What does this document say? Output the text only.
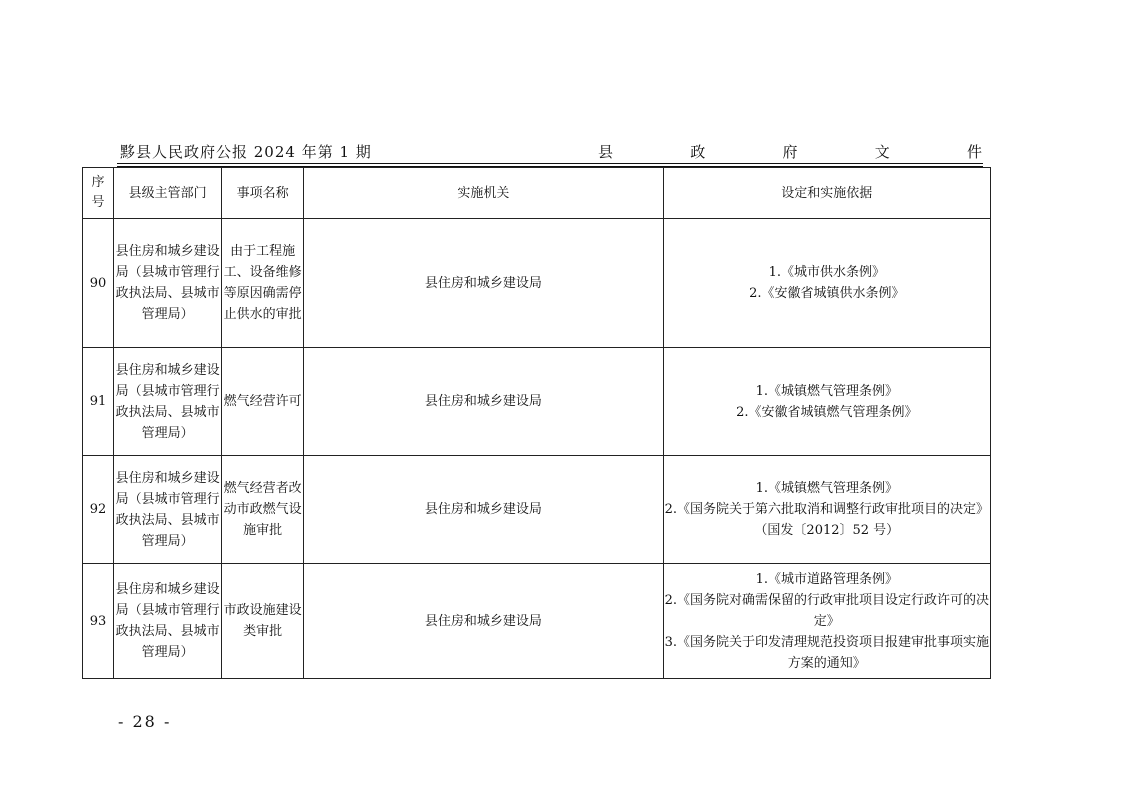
黟县人民政府公报 2024 年第 1 期	县	政	府	文	件
序号	县级主管部门	事项名称	实施机关	设定和实施依据
90	县住房和城乡建设局（县城市管理行政执法局、县城市管理局）	由于工程施工、设备维修等原因确需停止供水的审批	县住房和城乡建设局	1.《城市供水条例》
2.《安徽省城镇供水条例》

91	县住房和城乡建设局（县城市管理行政执法局、县城市管理局）	燃气经营许可	县住房和城乡建设局	1.《城镇燃气管理条例》
2.《安徽省城镇燃气管理条例》

92	县住房和城乡建设局（县城市管理行政执法局、县城市管理局）	燃气经营者改动市政燃气设施审批	县住房和城乡建设局	1.《城镇燃气管理条例》
2.《国务院关于第六批取消和调整行政审批项目的决定》（国发〔2012〕52 号）

93	县住房和城乡建设局（县城市管理行政执法局、县城市管理局）	市政设施建设类审批	县住房和城乡建设局	1.《城市道路管理条例》
2.《国务院对确需保留的行政审批项目设定行政许可的决定》
3.《国务院关于印发清理规范投资项目报建审批事项实施方案的通知》
- 28 -
